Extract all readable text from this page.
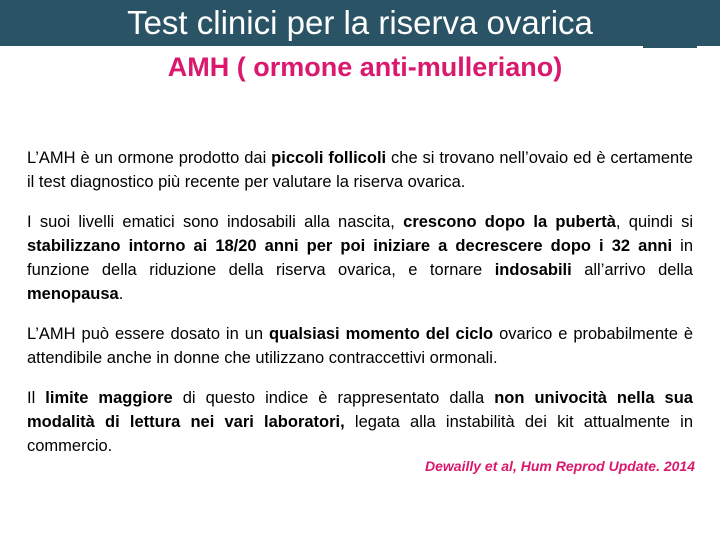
Test clinici per la riserva ovarica
AMH ( ormone anti-mulleriano)

L’AMH è un ormone prodotto dai piccoli follicoli che si trovano nell’ovaio ed è certamente il test diagnostico più recente per valutare la riserva ovarica.

I suoi livelli ematici sono indosabili alla nascita, crescono dopo la pubertà, quindi si stabilizzano intorno ai 18/20 anni per poi iniziare a decrescere dopo i 32 anni in funzione della riduzione della riserva ovarica, e tornare indosabili all’arrivo della menopausa.

L’AMH può essere dosato in un qualsiasi momento del ciclo ovarico e probabilmente è attendibile anche in donne che utilizzano contraccettivi ormonali.

Il limite maggiore di questo indice è rappresentato dalla non univocità nella sua modalità di lettura nei vari laboratori, legata alla instabilità dei kit attualmente in commercio.

Dewailly et al, Hum Reprod Update. 2014
